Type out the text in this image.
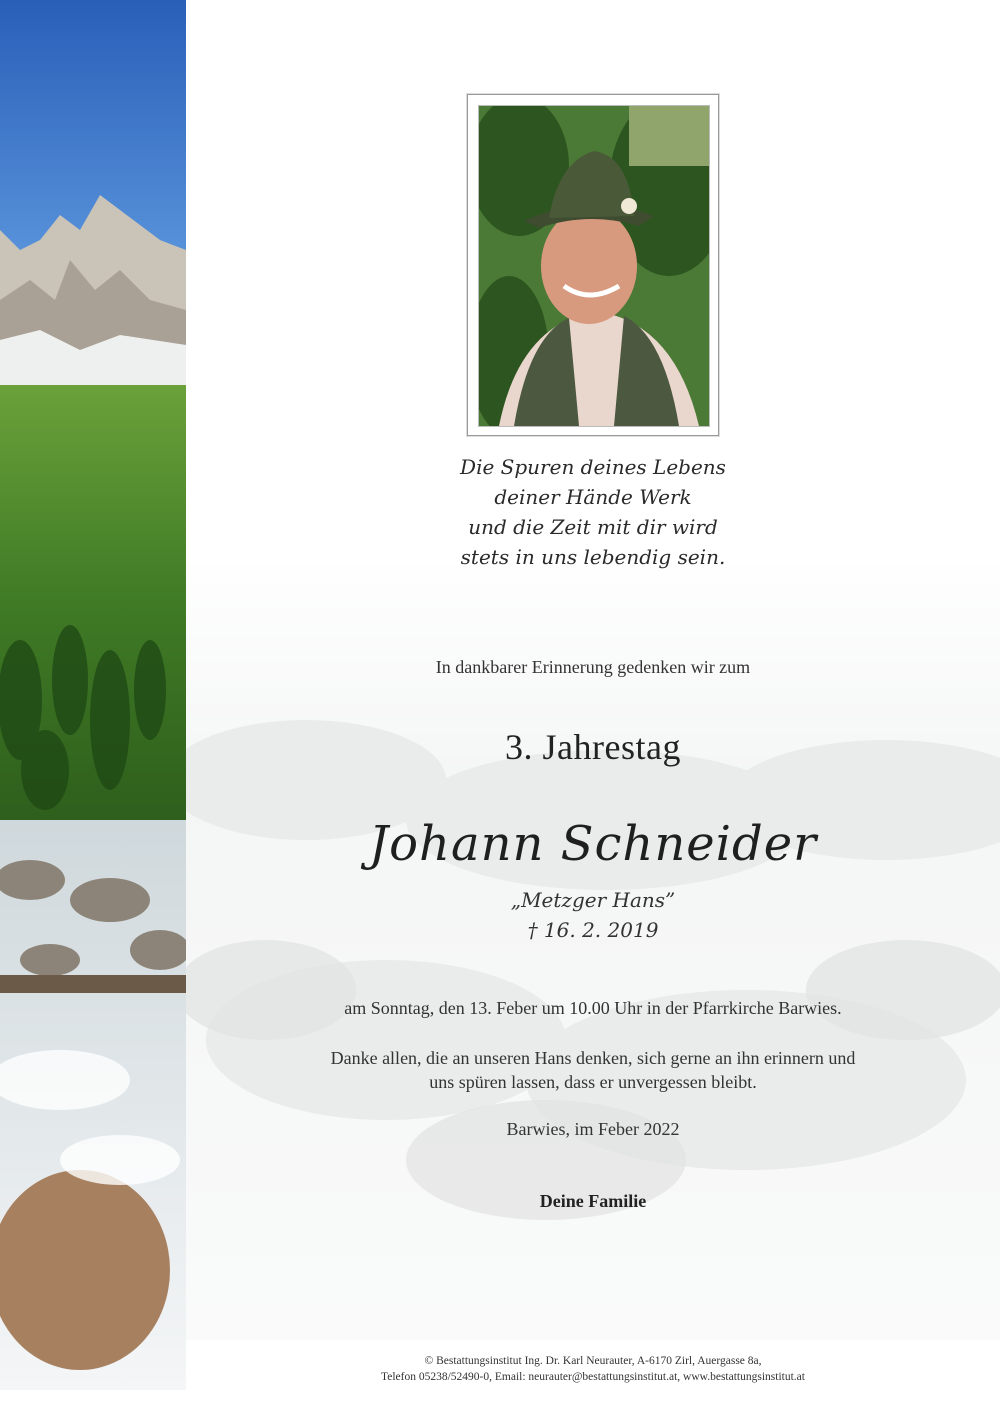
Die Spuren deines Lebens
deiner Hände Werk
und die Zeit mit dir wird
stets in uns lebendig sein.
In dankbarer Erinnerung gedenken wir zum
3. Jahrestag
Johann Schneider
„Metzger Hans”
† 16. 2. 2019
am Sonntag, den 13. Feber um 10.00 Uhr in der Pfarrkirche Barwies.
Danke allen, die an unseren Hans denken, sich gerne an ihn erinnern und
uns spüren lassen, dass er unvergessen bleibt.
Barwies, im Feber 2022
Deine Familie
© Bestattungsinstitut Ing. Dr. Karl Neurauter, A-6170 Zirl, Auergasse 8a,
Telefon 05238/52490-0, Email: neurauter@bestattungsinstitut.at, www.bestattungsinstitut.at
